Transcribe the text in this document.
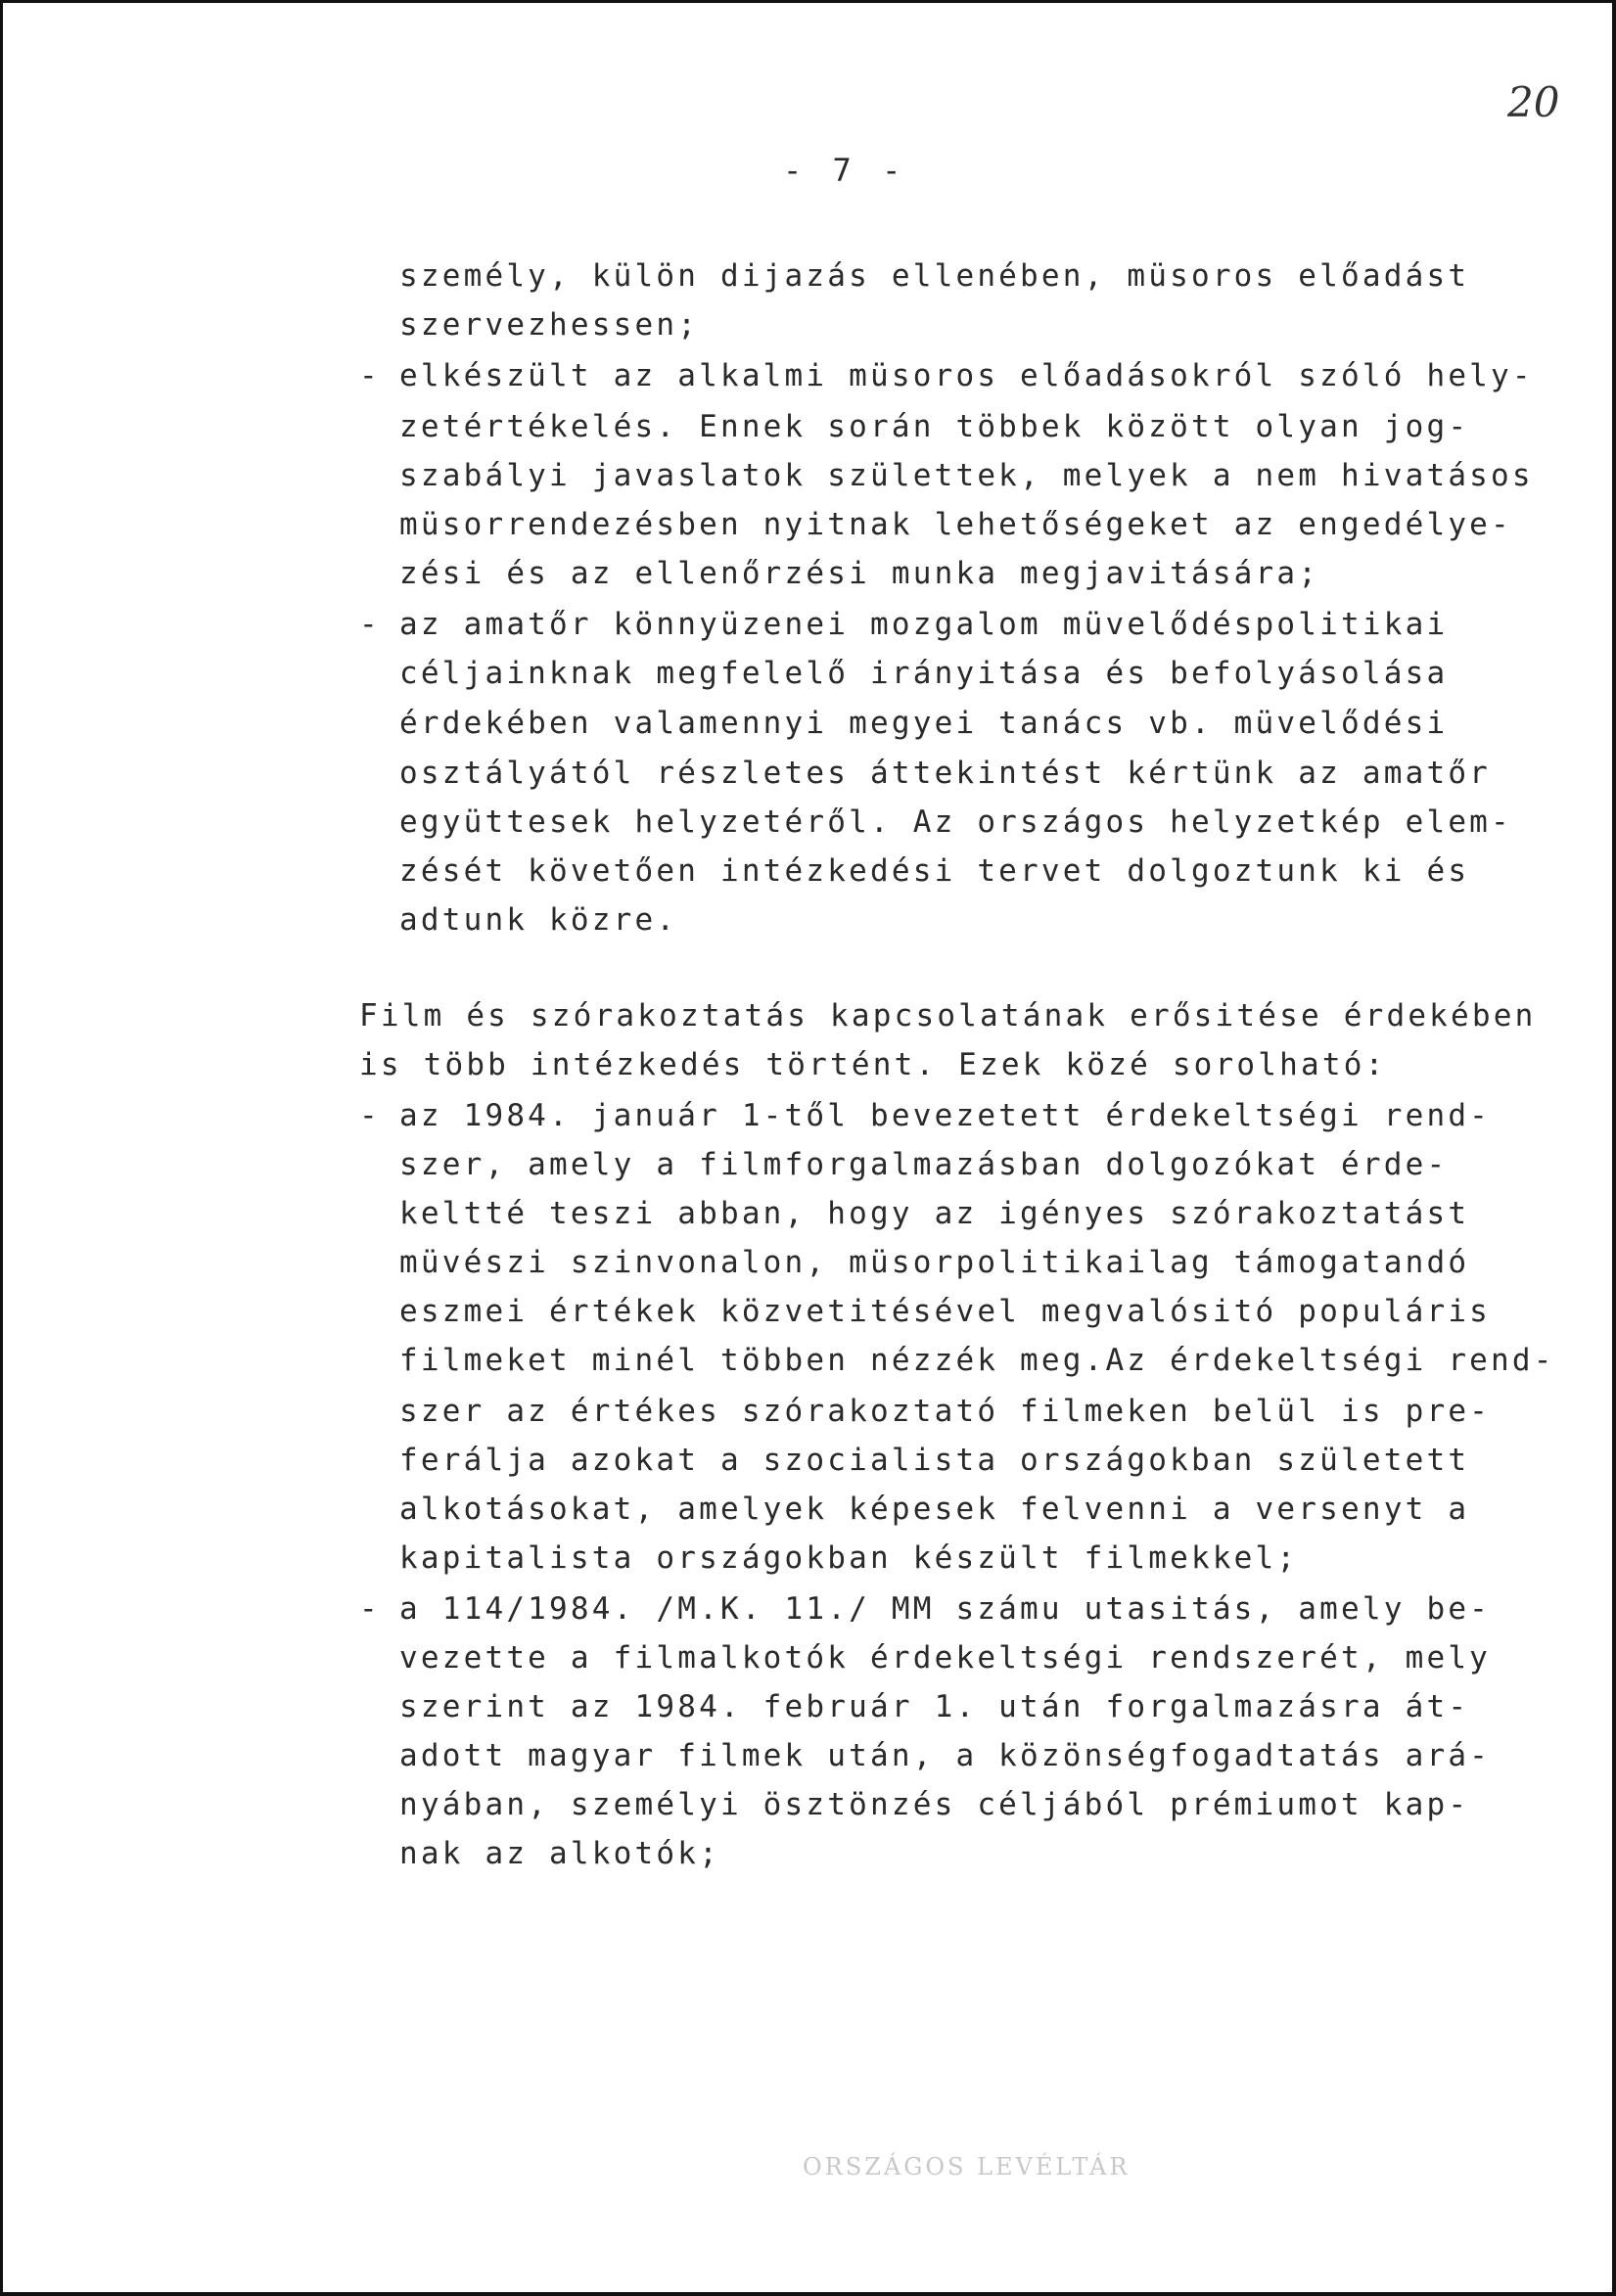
20
- 7 -
személy, külön dijazás ellenében, müsoros előadást
szervezhessen;
- elkészült az alkalmi müsoros előadásokról szóló hely-
zetértékelés. Ennek során többek között olyan jog-
szabályi javaslatok születtek, melyek a nem hivatásos
müsorrendezésben nyitnak lehetőségeket az engedélye-
zési és az ellenőrzési munka megjavitására;
- az amatőr könnyüzenei mozgalom müvelődéspolitikai
céljainknak megfelelő irányitása és befolyásolása
érdekében valamennyi megyei tanács vb. müvelődési
osztályától részletes áttekintést kértünk az amatőr
együttesek helyzetéről. Az országos helyzetkép elem-
zését követően intézkedési tervet dolgoztunk ki és
adtunk közre.
Film és szórakoztatás kapcsolatának erősitése érdekében
is több intézkedés történt. Ezek közé sorolható:
- az 1984. január 1-től bevezetett érdekeltségi rend-
szer, amely a filmforgalmazásban dolgozókat érde-
keltté teszi abban, hogy az igényes szórakoztatást
müvészi szinvonalon, müsorpolitikailag támogatandó
eszmei értékek közvetitésével megvalósitó populáris
filmeket minél többen nézzék meg.Az érdekeltségi rend-
szer az értékes szórakoztató filmeken belül is pre-
ferálja azokat a szocialista országokban született
alkotásokat, amelyek képesek felvenni a versenyt a
kapitalista országokban készült filmekkel;
- a 114/1984. /M.K. 11./ MM számu utasitás, amely be-
vezette a filmalkotók érdekeltségi rendszerét, mely
szerint az 1984. február 1. után forgalmazásra át-
adott magyar filmek után, a közönségfogadtatás ará-
nyában, személyi ösztönzés céljából prémiumot kap-
nak az alkotók;
ORSZÁGOS LEVÉLTÁR
